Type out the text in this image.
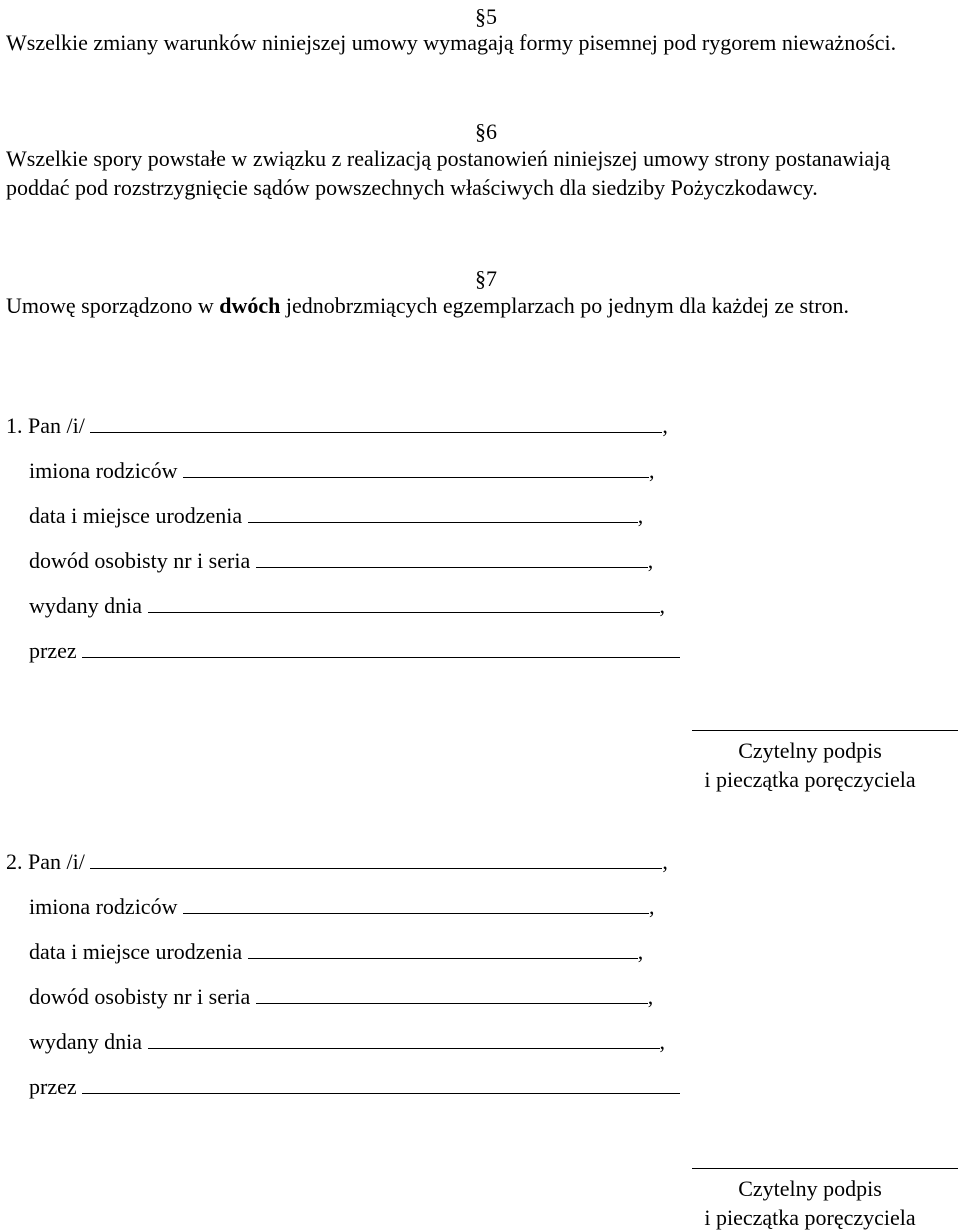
§5
Wszelkie zmiany warunków niniejszej umowy wymagają formy pisemnej pod rygorem nieważności.
§6
Wszelkie spory powstałe w związku z realizacją postanowień niniejszej umowy strony postanawiają poddać pod rozstrzygnięcie sądów powszechnych właściwych dla siedziby Pożyczkodawcy.
§7
Umowę sporządzono w dwóch jednobrzmiących egzemplarzach po jednym dla każdej ze stron.
1. Pan /i/	,
imiona rodziców	,
data i miejsce urodzenia	,
dowód osobisty nr i seria	,
wydany dnia	,
przez
Czytelny podpis
i pieczątka poręczyciela
2. Pan /i/	,
imiona rodziców	,
data i miejsce urodzenia	,
dowód osobisty nr i seria	,
wydany dnia	,
przez
Czytelny podpis
i pieczątka poręczyciela
